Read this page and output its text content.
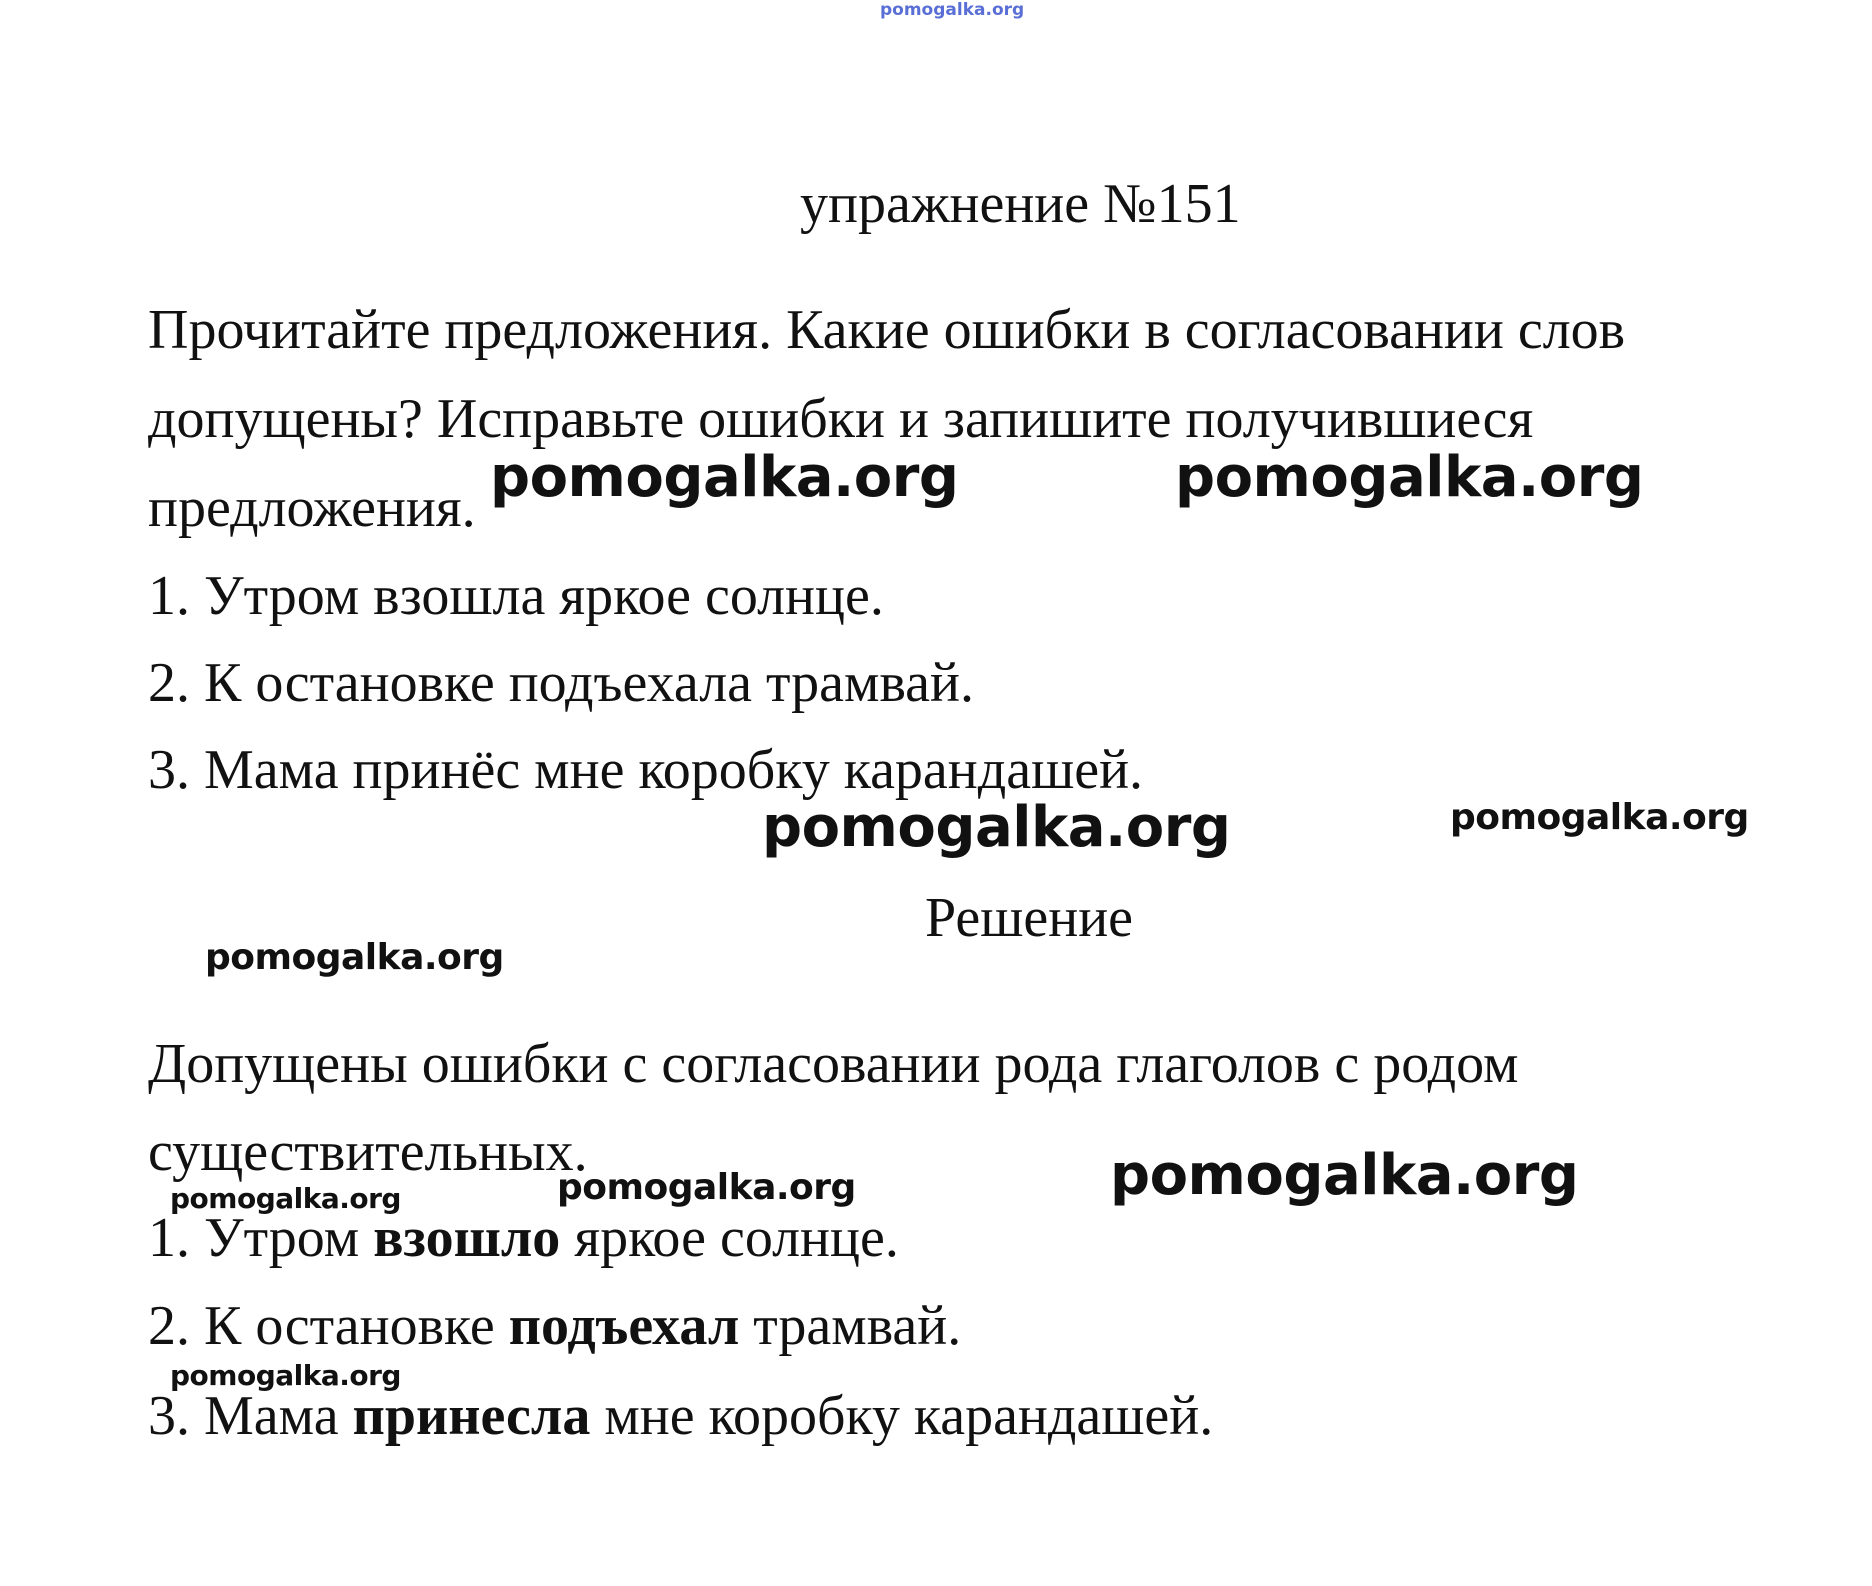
pomogalka.org
упражнение №151
Прочитайте предложения. Какие ошибки в согласовании слов
допущены? Исправьте ошибки и запишите получившиеся
предложения. pomogalka.org	pomogalka.org
1. Утром взошла яркое солнце.
2. К остановке подъехала трамвай.
3. Мама принёс мне коробку карандашей.
pomogalka.org	pomogalka.org
Решение
pomogalka.org
Допущены ошибки с согласовании рода глаголов с родом
существительных.	pomogalka.org
pomogalka.org
pomogalka.org
1. Утром взошло яркое солнце.
2. К остановке подъехал трамвай.
pomogalka.org
3. Мама принесла мне коробку карандашей.
